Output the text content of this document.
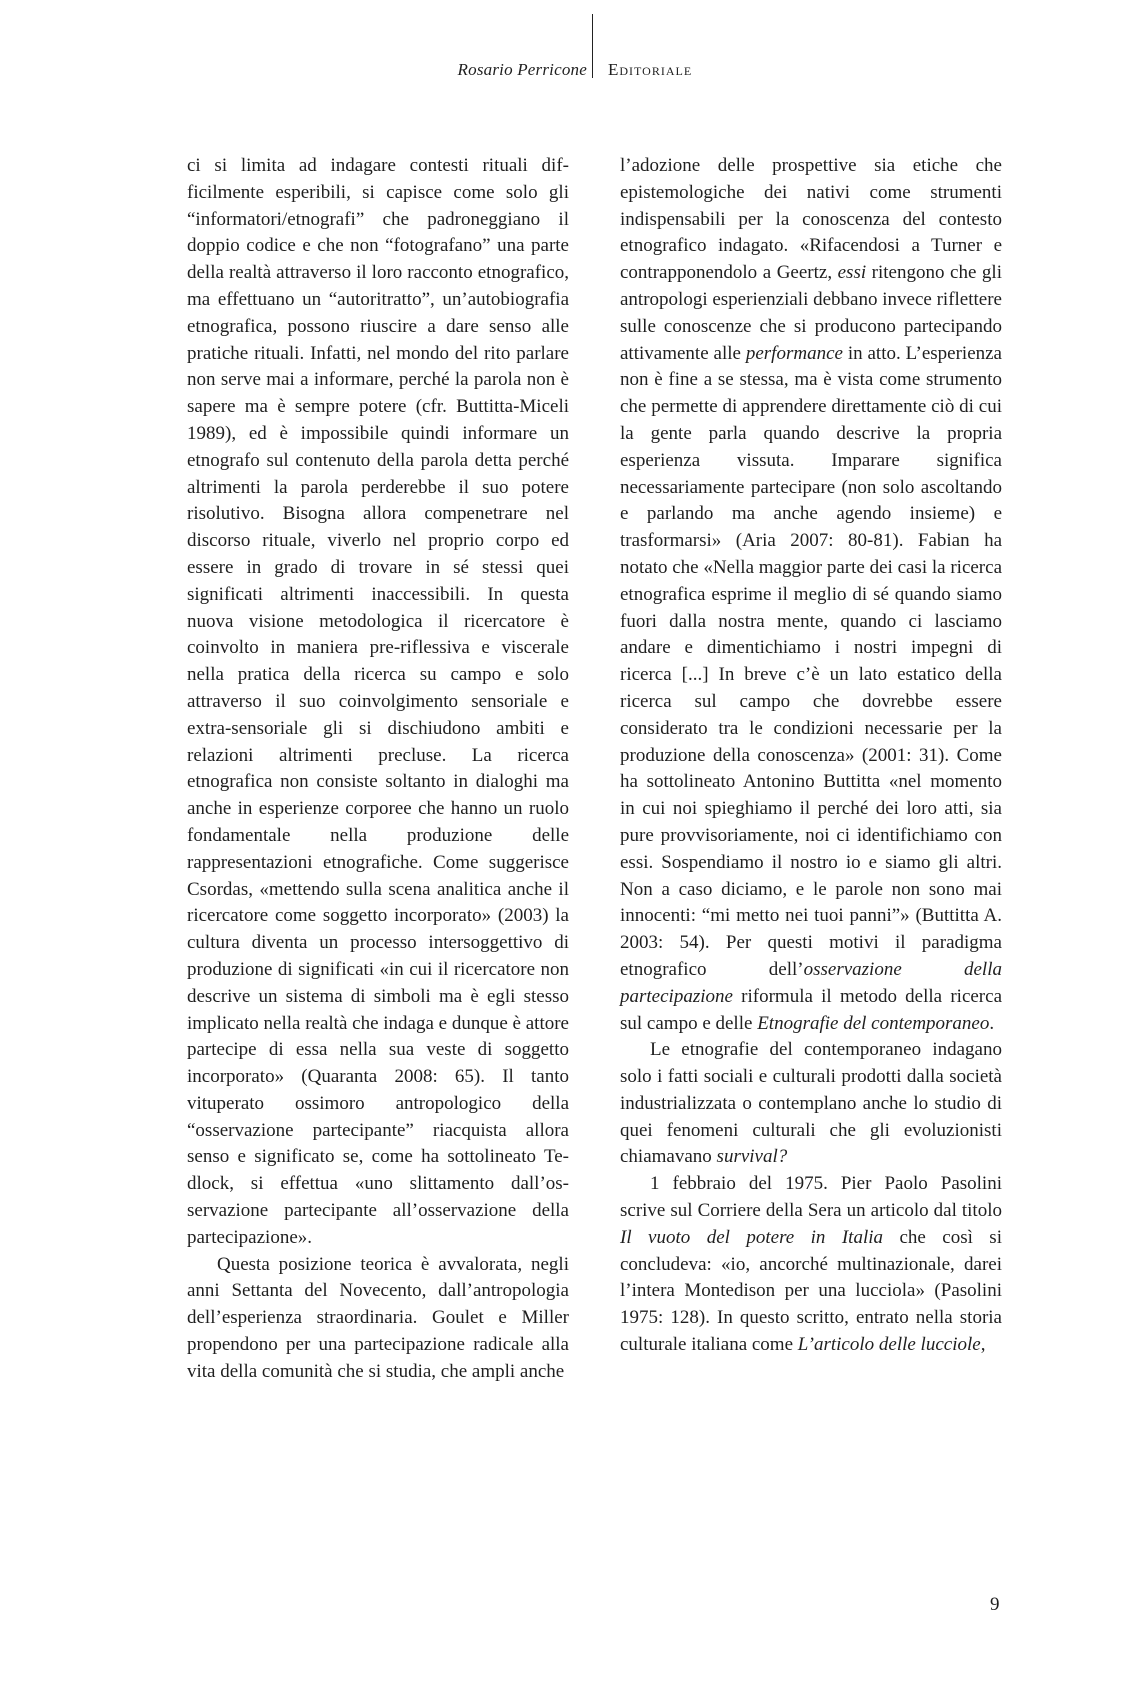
Rosario Perricone Editoriale

ci si limita ad indagare contesti rituali difficilmente esperibili, si capisce come solo gli “informatori/etnografi” che padroneggiano il doppio codice e che non “fotografano” una parte della realtà attraverso il loro racconto etnografico, ma effettuano un “autoritratto”, un’autobiografia etnografica, possono riuscire a dare senso alle pratiche rituali. Infatti, nel mondo del rito parlare non serve mai a informare, perché la parola non è sapere ma è sempre potere (cfr. Buttitta-Miceli 1989), ed è impossibile quindi informare un etnografo sul contenuto della parola detta perché altrimenti la parola perderebbe il suo potere risolutivo. Bisogna allora compenetrare nel discorso rituale, viverlo nel proprio corpo ed essere in grado di trovare in sé stessi quei significati altrimenti inaccessibili. In questa nuova visione metodologica il ricercatore è coinvolto in maniera pre-riflessiva e viscerale nella pratica della ricerca su campo e solo attraverso il suo coinvolgimento sensoriale e extra-sensoriale gli si dischiudono ambiti e relazioni altrimenti precluse. La ricerca etnografica non consiste soltanto in dialoghi ma anche in esperienze corporee che hanno un ruolo fondamentale nella produzione delle rappresentazioni etnografiche. Come suggerisce Csordas, «mettendo sulla scena analitica anche il ricercatore come soggetto incorporato» (2003) la cultura diventa un processo intersoggettivo di produzione di significati «in cui il ricercatore non descrive un sistema di simboli ma è egli stesso implicato nella realtà che indaga e dunque è attore partecipe di essa nella sua veste di soggetto incorporato» (Quaranta 2008: 65). Il tanto vituperato ossimoro antropologico della “osservazione partecipante” riacquista allora senso e significato se, come ha sottolineato Tedlock, si effettua «uno slittamento dall’osservazione partecipante all’osservazione della partecipazione».

Questa posizione teorica è avvalorata, negli anni Settanta del Novecento, dall’antropologia dell’esperienza straordinaria. Goulet e Miller propendono per una partecipazione radicale alla vita della comunità che si studia, che ampli anche

l’adozione delle prospettive sia etiche che epistemologiche dei nativi come strumenti indispensabili per la conoscenza del contesto etnografico indagato. «Rifacendosi a Turner e contrapponendolo a Geertz, essi ritengono che gli antropologi esperienziali debbano invece riflettere sulle conoscenze che si producono partecipando attivamente alle performance in atto. L’esperienza non è fine a se stessa, ma è vista come strumento che permette di apprendere direttamente ciò di cui la gente parla quando descrive la propria esperienza vissuta. Imparare significa necessariamente partecipare (non solo ascoltando e parlando ma anche agendo insieme) e trasformarsi» (Aria 2007: 80-81). Fabian ha notato che «Nella maggior parte dei casi la ricerca etnografica esprime il meglio di sé quando siamo fuori dalla nostra mente, quando ci lasciamo andare e dimentichiamo i nostri impegni di ricerca [...] In breve c’è un lato estatico della ricerca sul campo che dovrebbe essere considerato tra le condizioni necessarie per la produzione della conoscenza» (2001: 31). Come ha sottolineato Antonino Buttitta «nel momento in cui noi spieghiamo il perché dei loro atti, sia pure provvisoriamente, noi ci identifichiamo con essi. Sospendiamo il nostro io e siamo gli altri. Non a caso diciamo, e le parole non sono mai innocenti: “mi metto nei tuoi panni”» (Buttitta A. 2003: 54). Per questi motivi il paradigma etnografico dell’osservazione della partecipazione riformula il metodo della ricerca sul campo e delle Etnografie del contemporaneo.

Le etnografie del contemporaneo indagano solo i fatti sociali e culturali prodotti dalla società industrializzata o contemplano anche lo studio di quei fenomeni culturali che gli evoluzionisti chiamavano survival?

1 febbraio del 1975. Pier Paolo Pasolini scrive sul Corriere della Sera un articolo dal titolo Il vuoto del potere in Italia che così si concludeva: «io, ancorché multinazionale, darei l’intera Montedison per una lucciola» (Pasolini 1975: 128). In questo scritto, entrato nella storia culturale italiana come L’articolo delle lucciole,

9
